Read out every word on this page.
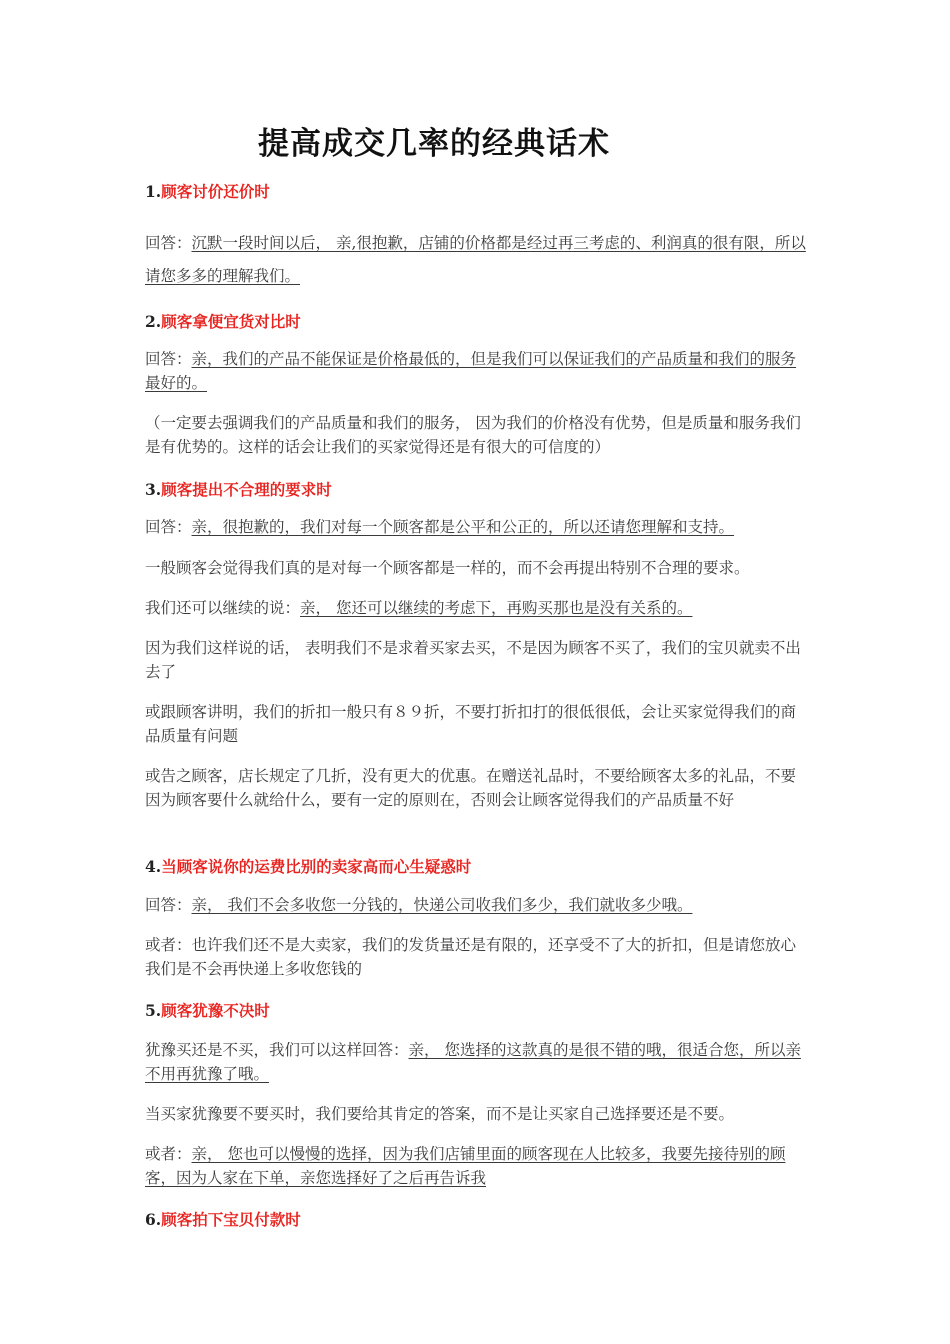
提高成交几率的经典话术
1.顾客讨价还价时

回答：沉默一段时间以后， 亲,很抱歉，店铺的价格都是经过再三考虑的、利润真的很有限，所以请您多多的理解我们。

2.顾客拿便宜货对比时

回答：亲，我们的产品不能保证是价格最低的，但是我们可以保证我们的产品质量和我们的服务最好的。

（一定要去强调我们的产品质量和我们的服务， 因为我们的价格没有优势，但是质量和服务我们是有优势的。这样的话会让我们的买家觉得还是有很大的可信度的）

3.顾客提出不合理的要求时

回答：亲，很抱歉的，我们对每一个顾客都是公平和公正的，所以还请您理解和支持。

一般顾客会觉得我们真的是对每一个顾客都是一样的，而不会再提出特别不合理的要求。

我们还可以继续的说：亲， 您还可以继续的考虑下，再购买那也是没有关系的。

因为我们这样说的话， 表明我们不是求着买家去买，不是因为顾客不买了，我们的宝贝就卖不出去了

或跟顾客讲明，我们的折扣一般只有８９折，不要打折扣打的很低很低，会让买家觉得我们的商品质量有问题

或告之顾客，店长规定了几折，没有更大的优惠。在赠送礼品时，不要给顾客太多的礼品，不要因为顾客要什么就给什么，要有一定的原则在，否则会让顾客觉得我们的产品质量不好

4.当顾客说你的运费比别的卖家高而心生疑惑时

回答：亲， 我们不会多收您一分钱的，快递公司收我们多少，我们就收多少哦。

或者：也许我们还不是大卖家，我们的发货量还是有限的，还享受不了大的折扣，但是请您放心我们是不会再快递上多收您钱的

5.顾客犹豫不决时

犹豫买还是不买，我们可以这样回答：亲， 您选择的这款真的是很不错的哦，很适合您，所以亲不用再犹豫了哦。

当买家犹豫要不要买时，我们要给其肯定的答案，而不是让买家自己选择要还是不要。

或者：亲， 您也可以慢慢的选择，因为我们店铺里面的顾客现在人比较多，我要先接待别的顾客，因为人家在下单，亲您选择好了之后再告诉我

6.顾客拍下宝贝付款时
